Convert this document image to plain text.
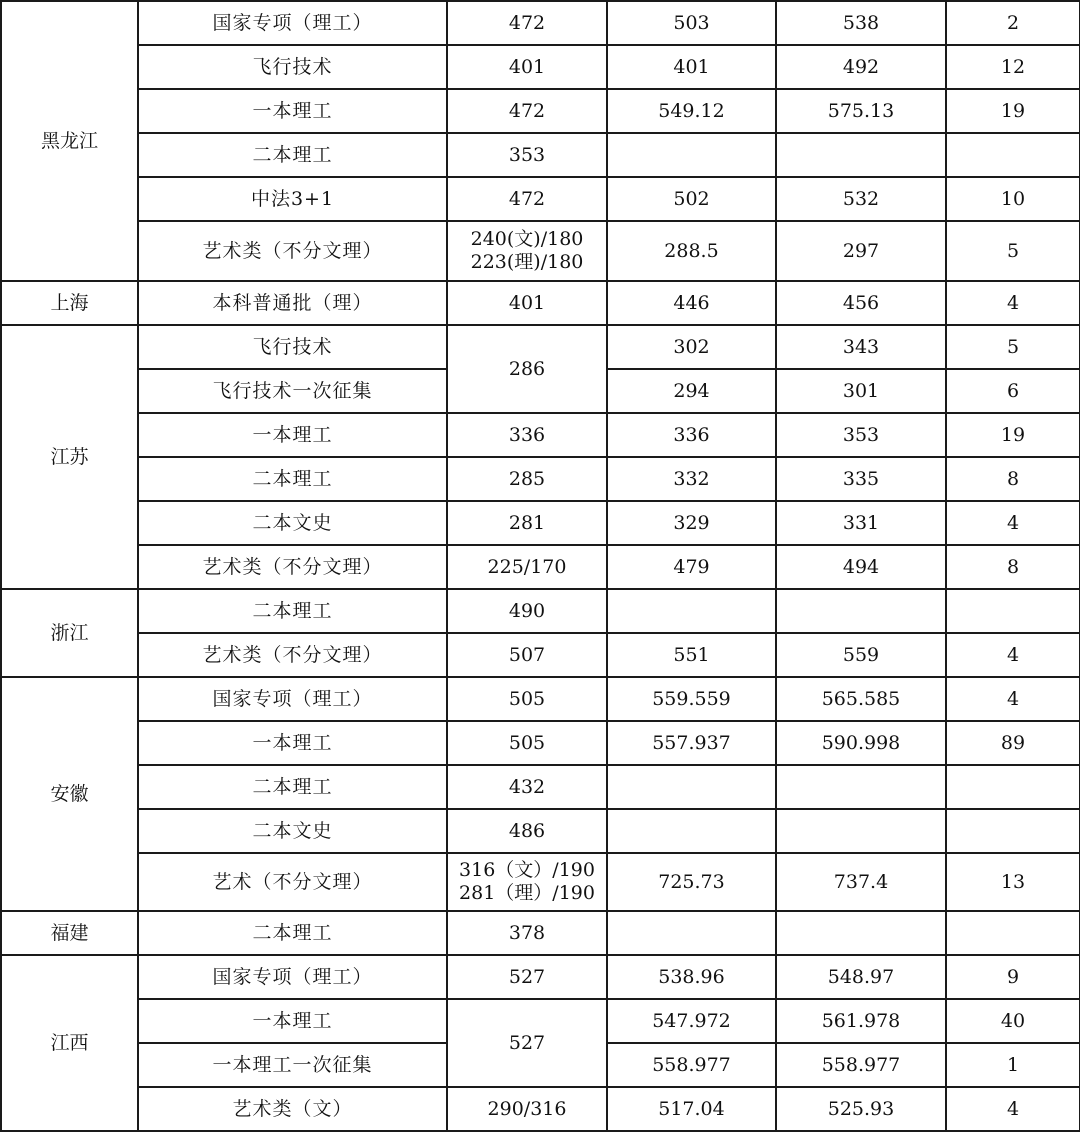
黑龙江	国家专项（理工）	472	503	538	2
	飞行技术	401	401	492	12
	一本理工	472	549.12	575.13	19
	二本理工	353			
	中法3+1	472	502	532	10
	艺术类（不分文理）	240(文)/180
223(理)/180	288.5	297	5
上海	本科普通批（理）	401	446	456	4
江苏	飞行技术	286	302	343	5
	飞行技术一次征集		294	301	6
	一本理工	336	336	353	19
	二本理工	285	332	335	8
	二本文史	281	329	331	4
	艺术类（不分文理）	225/170	479	494	8
浙江	二本理工	490			
	艺术类（不分文理）	507	551	559	4
安徽	国家专项（理工）	505	559.559	565.585	4
	一本理工	505	557.937	590.998	89
	二本理工	432			
	二本文史	486			
	艺术（不分文理）	316（文）/190
281（理）/190	725.73	737.4	13
福建	二本理工	378			
江西	国家专项（理工）	527	538.96	548.97	9
	一本理工	527	547.972	561.978	40
	一本理工一次征集		558.977	558.977	1
	艺术类（文）	290/316	517.04	525.93	4
